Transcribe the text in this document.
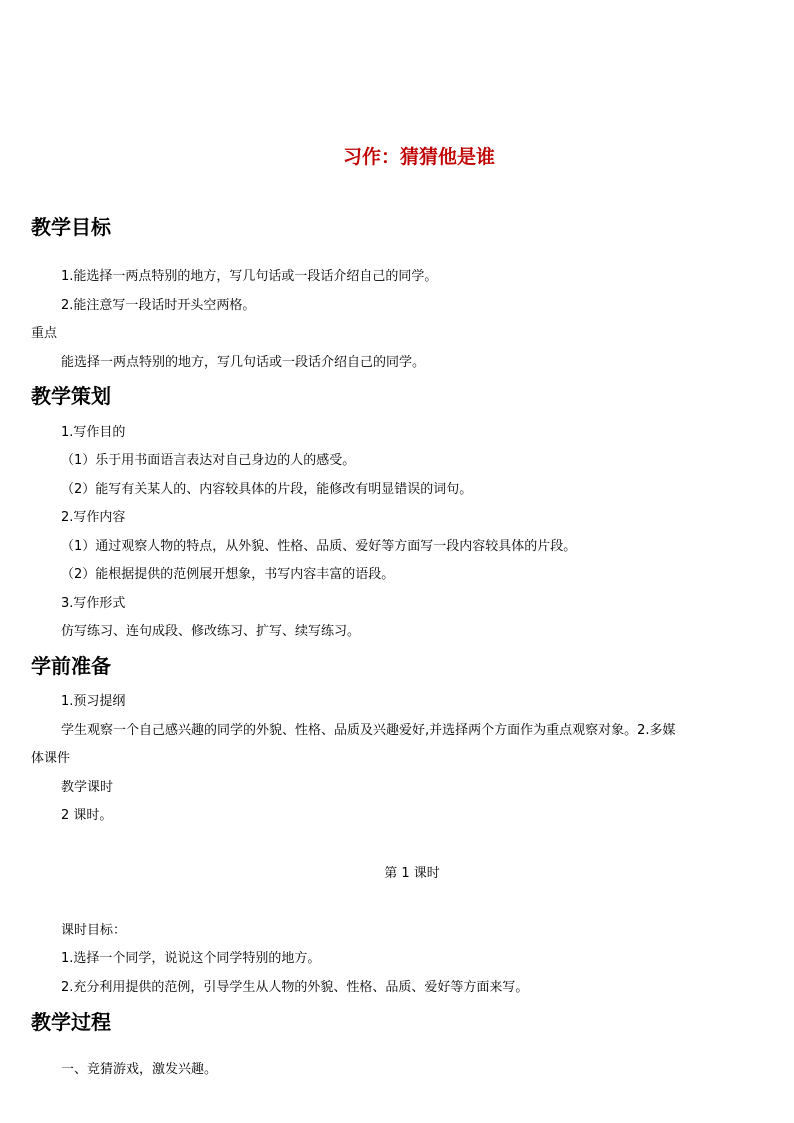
习作：猜猜他是谁
教学目标
1.能选择一两点特别的地方，写几句话或一段话介绍自己的同学。
2.能注意写一段话时开头空两格。
重点
能选择一两点特别的地方，写几句话或一段话介绍自己的同学。
教学策划
1.写作目的
（1）乐于用书面语言表达对自己身边的人的感受。
（2）能写有关某人的、内容较具体的片段，能修改有明显错误的词句。
2.写作内容
（1）通过观察人物的特点，从外貌、性格、品质、爱好等方面写一段内容较具体的片段。
（2）能根据提供的范例展开想象，书写内容丰富的语段。
3.写作形式
仿写练习、连句成段、修改练习、扩写、续写练习。
学前准备
1.预习提纲
学生观察一个自己感兴趣的同学的外貌、性格、品质及兴趣爱好,并选择两个方面作为重点观察对象。2.多媒
体课件
教学课时
2 课时。
第 1 课时
课时目标：
1.选择一个同学，说说这个同学特别的地方。
2.充分利用提供的范例，引导学生从人物的外貌、性格、品质、爱好等方面来写。
教学过程
一、竞猜游戏，激发兴趣。
